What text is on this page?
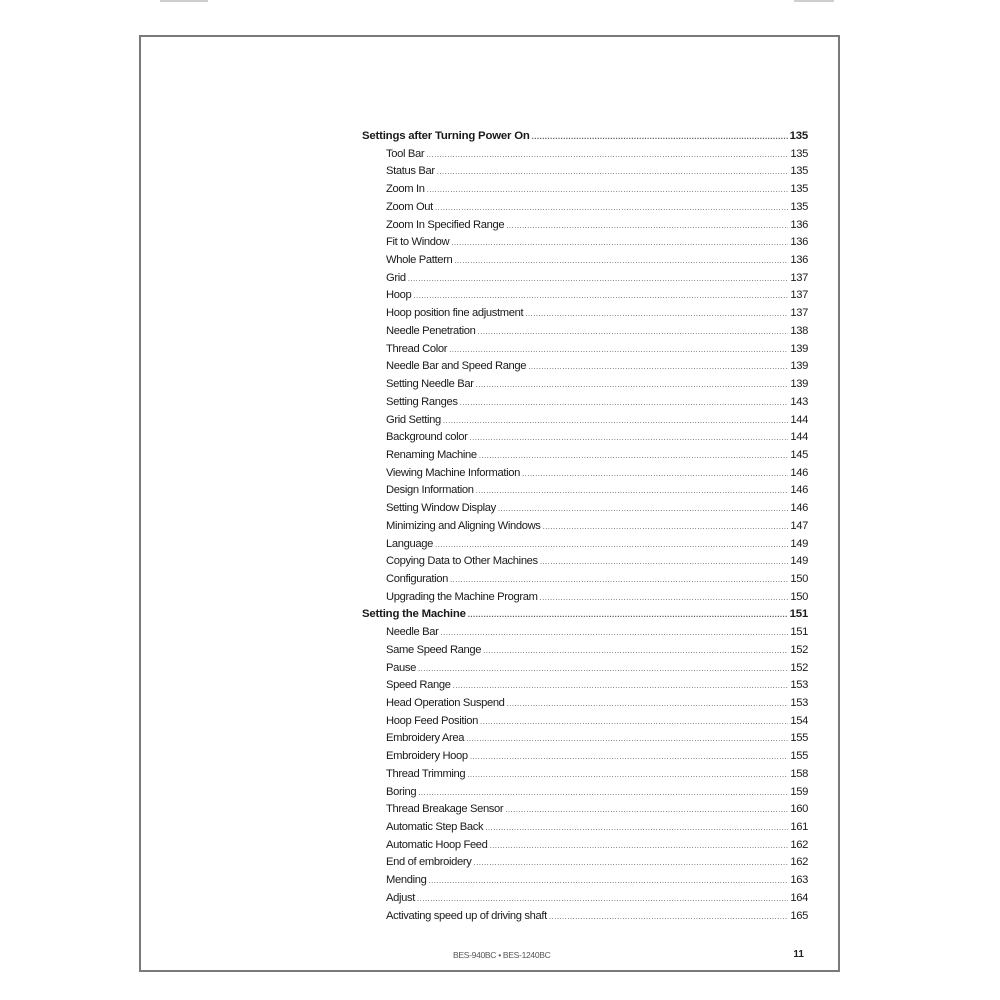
Settings after Turning Power On .....	135
Tool Bar .....	135
Status Bar .....	135
Zoom In .....	135
Zoom Out .....	135
Zoom In Specified Range .....	136
Fit to Window .....	136
Whole Pattern .....	136
Grid .....	137
Hoop .....	137
Hoop position fine adjustment .....	137
Needle Penetration .....	138
Thread Color .....	139
Needle Bar and Speed Range .....	139
Setting Needle Bar .....	139
Setting Ranges .....	143
Grid Setting .....	144
Background color .....	144
Renaming Machine .....	145
Viewing Machine Information .....	146
Design Information .....	146
Setting Window Display .....	146
Minimizing and Aligning Windows .....	147
Language .....	149
Copying Data to Other Machines .....	149
Configuration .....	150
Upgrading the Machine Program .....	150
Setting the Machine .....	151
Needle Bar .....	151
Same Speed Range .....	152
Pause .....	152
Speed Range .....	153
Head Operation Suspend .....	153
Hoop Feed Position .....	154
Embroidery Area .....	155
Embroidery Hoop .....	155
Thread Trimming .....	158
Boring .....	159
Thread Breakage Sensor .....	160
Automatic Step Back .....	161
Automatic Hoop Feed .....	162
End of embroidery .....	162
Mending .....	163
Adjust .....	164
Activating speed up of driving shaft .....	165
BES-940BC • BES-1240BC	11
